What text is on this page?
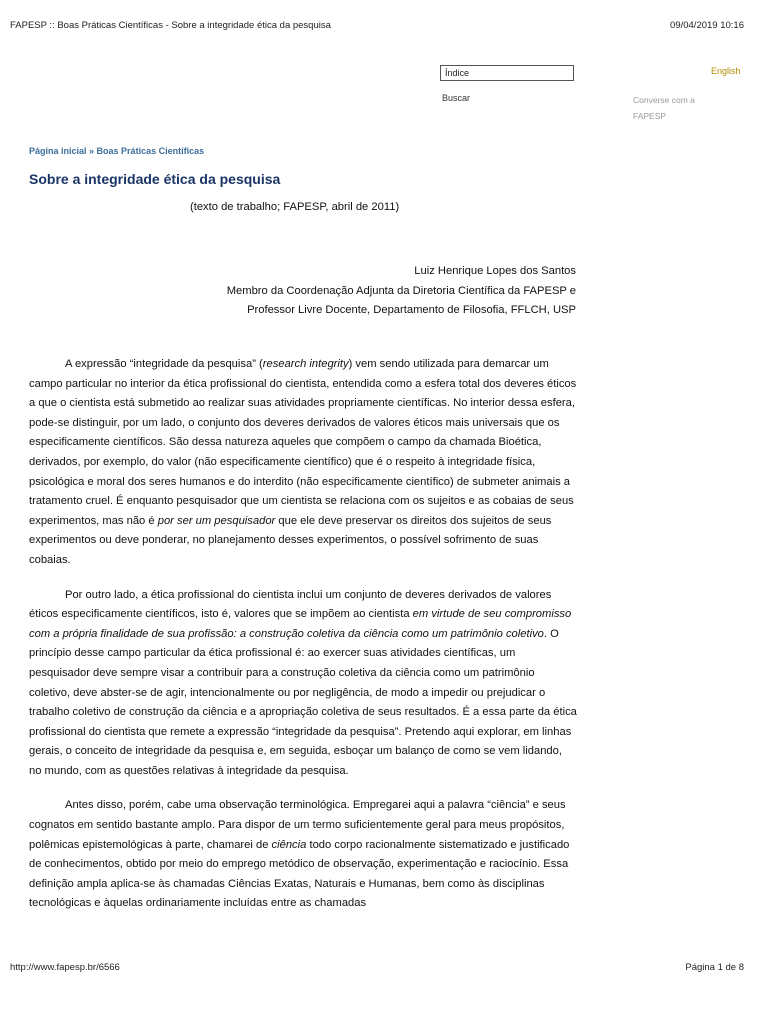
FAPESP :: Boas Práticas Científicas - Sobre a integridade ética da pesquisa	09/04/2019 10:16
Índice
Buscar
English
Converse com a FAPESP
Página inicial » Boas Práticas Científicas
Sobre a integridade ética da pesquisa
(texto de trabalho; FAPESP, abril de 2011)
Luiz Henrique Lopes dos Santos
Membro da Coordenação Adjunta da Diretoria Científica da FAPESP e
Professor Livre Docente, Departamento de Filosofia, FFLCH, USP

A expressão “integridade da pesquisa” (research integrity) vem sendo utilizada para demarcar um campo particular no interior da ética profissional do cientista, entendida como a esfera total dos deveres éticos a que o cientista está submetido ao realizar suas atividades propriamente científicas. No interior dessa esfera, pode-se distinguir, por um lado, o conjunto dos deveres derivados de valores éticos mais universais que os especificamente científicos. São dessa natureza aqueles que compõem o campo da chamada Bioética, derivados, por exemplo, do valor (não especificamente científico) que é o respeito à integridade física, psicológica e moral dos seres humanos e do interdito (não especificamente científico) de submeter animais a tratamento cruel. É enquanto pesquisador que um cientista se relaciona com os sujeitos e as cobaias de seus experimentos, mas não é por ser um pesquisador que ele deve preservar os direitos dos sujeitos de seus experimentos ou deve ponderar, no planejamento desses experimentos, o possível sofrimento de suas cobaias.

Por outro lado, a ética profissional do cientista inclui um conjunto de deveres derivados de valores éticos especificamente científicos, isto é, valores que se impõem ao cientista em virtude de seu compromisso com a própria finalidade de sua profissão: a construção coletiva da ciência como um patrimônio coletivo. O princípio desse campo particular da ética profissional é: ao exercer suas atividades científicas, um pesquisador deve sempre visar a contribuir para a construção coletiva da ciência como um patrimônio coletivo, deve abster-se de agir, intencionalmente ou por negligência, de modo a impedir ou prejudicar o trabalho coletivo de construção da ciência e a apropriação coletiva de seus resultados. É a essa parte da ética profissional do cientista que remete a expressão “integridade da pesquisa”. Pretendo aqui explorar, em linhas gerais, o conceito de integridade da pesquisa e, em seguida, esboçar um balanço de como se vem lidando, no mundo, com as questões relativas à integridade da pesquisa.

Antes disso, porém, cabe uma observação terminológica. Empregarei aqui a palavra “ciência” e seus cognatos em sentido bastante amplo. Para dispor de um termo suficientemente geral para meus propósitos, polêmicas epistemológicas à parte, chamarei de ciência todo corpo racionalmente sistematizado e justificado de conhecimentos, obtido por meio do emprego metódico de observação, experimentação e raciocínio. Essa definição ampla aplica-se às chamadas Ciências Exatas, Naturais e Humanas, bem como às disciplinas tecnológicas e àquelas ordinariamente incluídas entre as chamadas

http://www.fapesp.br/6566	Página 1 de 8
